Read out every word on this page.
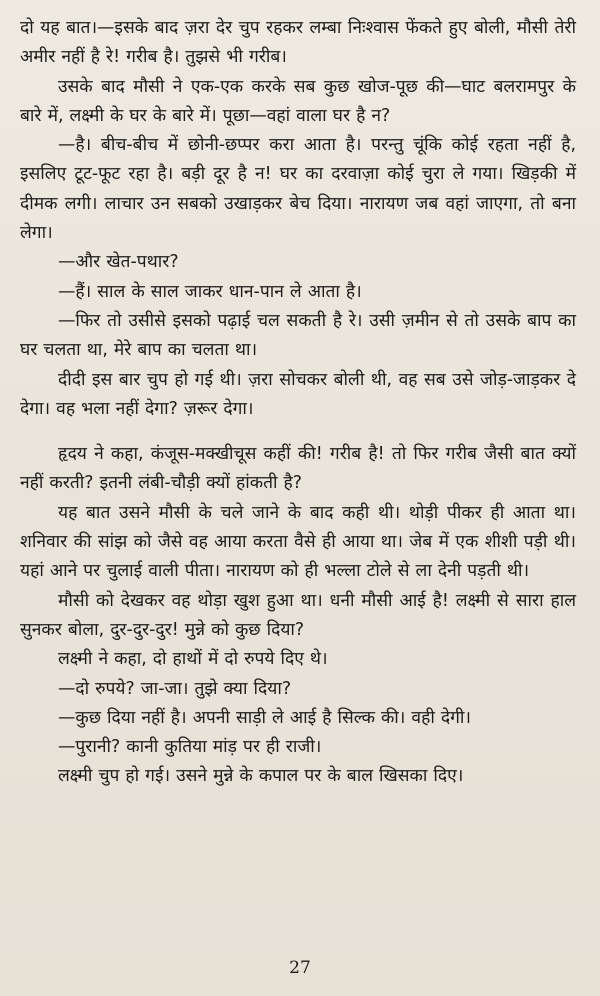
दो यह बात।—इसके बाद ज़रा देर चुप रहकर लम्बा निःश्वास फेंकते हुए बोली, मौसी तेरी अमीर नहीं है रे! गरीब है। तुझसे भी गरीब।

उसके बाद मौसी ने एक-एक करके सब कुछ खोज-पूछ की—घाट बलरामपुर के बारे में, लक्ष्मी के घर के बारे में। पूछा—वहां वाला घर है न?

—है। बीच-बीच में छोनी-छप्पर करा आता है। परन्तु चूंकि कोई रहता नहीं है, इसलिए टूट-फूट रहा है। बड़ी दूर है न! घर का दरवाज़ा कोई चुरा ले गया। खिड़की में दीमक लगी। लाचार उन सबको उखाड़कर बेच दिया। नारायण जब वहां जाएगा, तो बना लेगा।

—और खेत-पथार?

—हैं। साल के साल जाकर धान-पान ले आता है।

—फिर तो उसीसे इसको पढ़ाई चल सकती है रे। उसी ज़मीन से तो उसके बाप का घर चलता था, मेरे बाप का चलता था।

दीदी इस बार चुप हो गई थी। ज़रा सोचकर बोली थी, वह सब उसे जोड़-जाड़कर दे देगा। वह भला नहीं देगा? ज़रूर देगा।

हृदय ने कहा, कंजूस-मक्खीचूस कहीं की! गरीब है! तो फिर गरीब जैसी बात क्यों नहीं करती? इतनी लंबी-चौड़ी क्यों हांकती है?

यह बात उसने मौसी के चले जाने के बाद कही थी। थोड़ी पीकर ही आता था। शनिवार की सांझ को जैसे वह आया करता वैसे ही आया था। जेब में एक शीशी पड़ी थी। यहां आने पर चुलाई वाली पीता। नारायण को ही भल्ला टोले से ला देनी पड़ती थी।

मौसी को देखकर वह थोड़ा खुश हुआ था। धनी मौसी आई है! लक्ष्मी से सारा हाल सुनकर बोला, दुर-दुर-दुर! मुन्ने को कुछ दिया?

लक्ष्मी ने कहा, दो हाथों में दो रुपये दिए थे।

—दो रुपये? जा-जा। तुझे क्या दिया?

—कुछ दिया नहीं है। अपनी साड़ी ले आई है सिल्क की। वही देगी।

—पुरानी? कानी कुतिया मांड़ पर ही राजी।

लक्ष्मी चुप हो गई। उसने मुन्ने के कपाल पर के बाल खिसका दिए।

27
